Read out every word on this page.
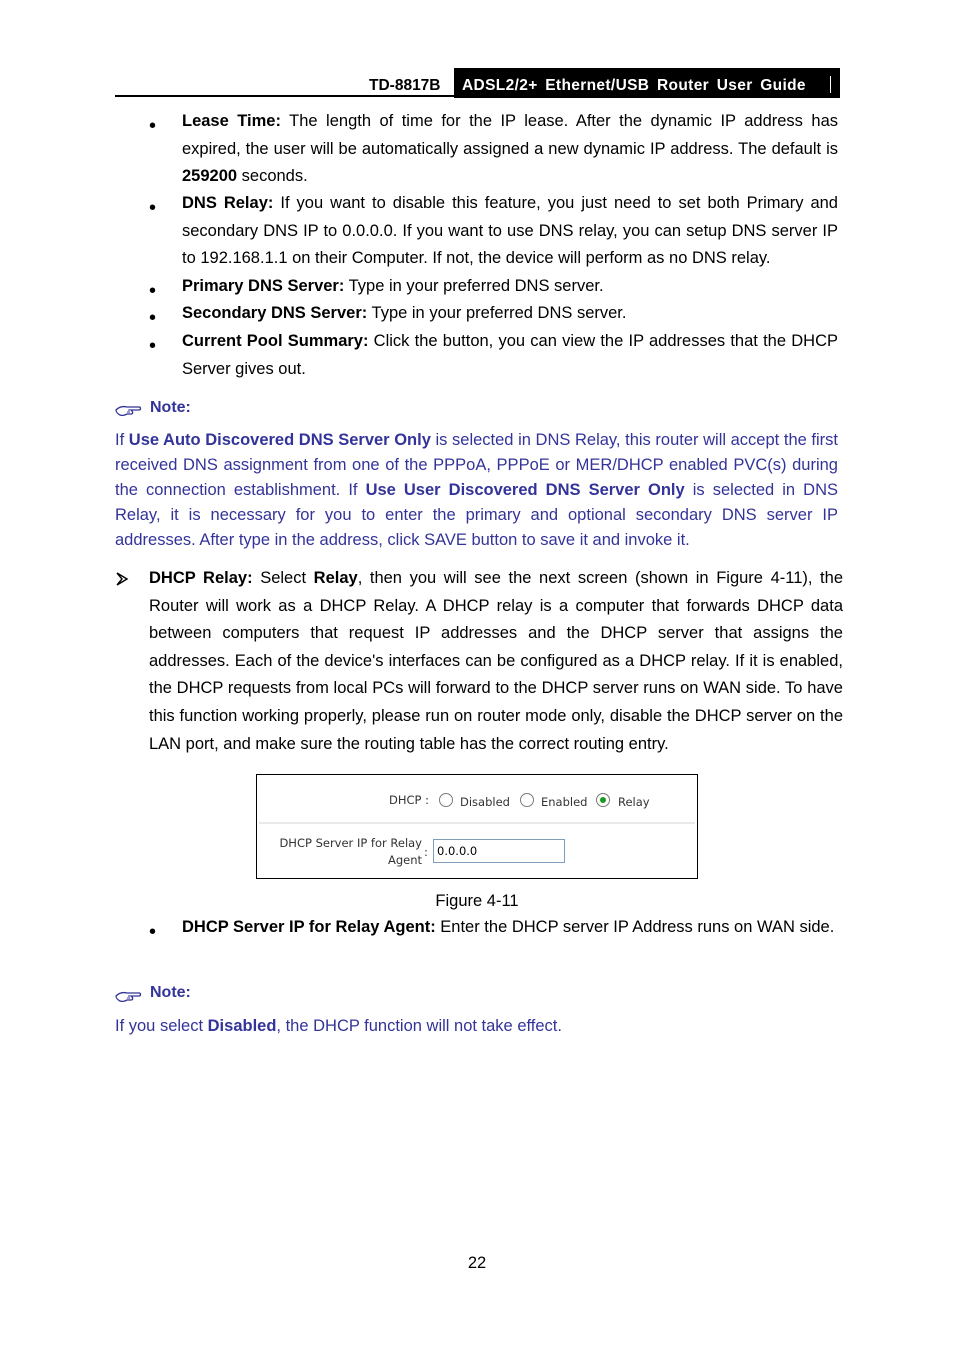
TD-8817B	ADSL2/2+ Ethernet/USB Router User Guide
• Lease Time: The length of time for the IP lease. After the dynamic IP address has expired, the user will be automatically assigned a new dynamic IP address. The default is 259200 seconds.
• DNS Relay: If you want to disable this feature, you just need to set both Primary and secondary DNS IP to 0.0.0.0. If you want to use DNS relay, you can setup DNS server IP to 192.168.1.1 on their Computer. If not, the device will perform as no DNS relay.
• Primary DNS Server: Type in your preferred DNS server.
• Secondary DNS Server: Type in your preferred DNS server.
• Current Pool Summary: Click the button, you can view the IP addresses that the DHCP Server gives out.
Note:
If Use Auto Discovered DNS Server Only is selected in DNS Relay, this router will accept the first received DNS assignment from one of the PPPoA, PPPoE or MER/DHCP enabled PVC(s) during the connection establishment. If Use User Discovered DNS Server Only is selected in DNS Relay, it is necessary for you to enter the primary and optional secondary DNS server IP addresses. After type in the address, click SAVE button to save it and invoke it.
DHCP Relay: Select Relay, then you will see the next screen (shown in Figure 4-11), the Router will work as a DHCP Relay. A DHCP relay is a computer that forwards DHCP data between computers that request IP addresses and the DHCP server that assigns the addresses. Each of the device's interfaces can be configured as a DHCP relay. If it is enabled, the DHCP requests from local PCs will forward to the DHCP server runs on WAN side. To have this function working properly, please run on router mode only, disable the DHCP server on the LAN port, and make sure the routing table has the correct routing entry.
DHCP :	Disabled	Enabled	Relay
DHCP Server IP for Relay
Agent
: 0.0.0.0
Figure 4-11
• DHCP Server IP for Relay Agent: Enter the DHCP server IP Address runs on WAN side.
Note:
If you select Disabled, the DHCP function will not take effect.
22
